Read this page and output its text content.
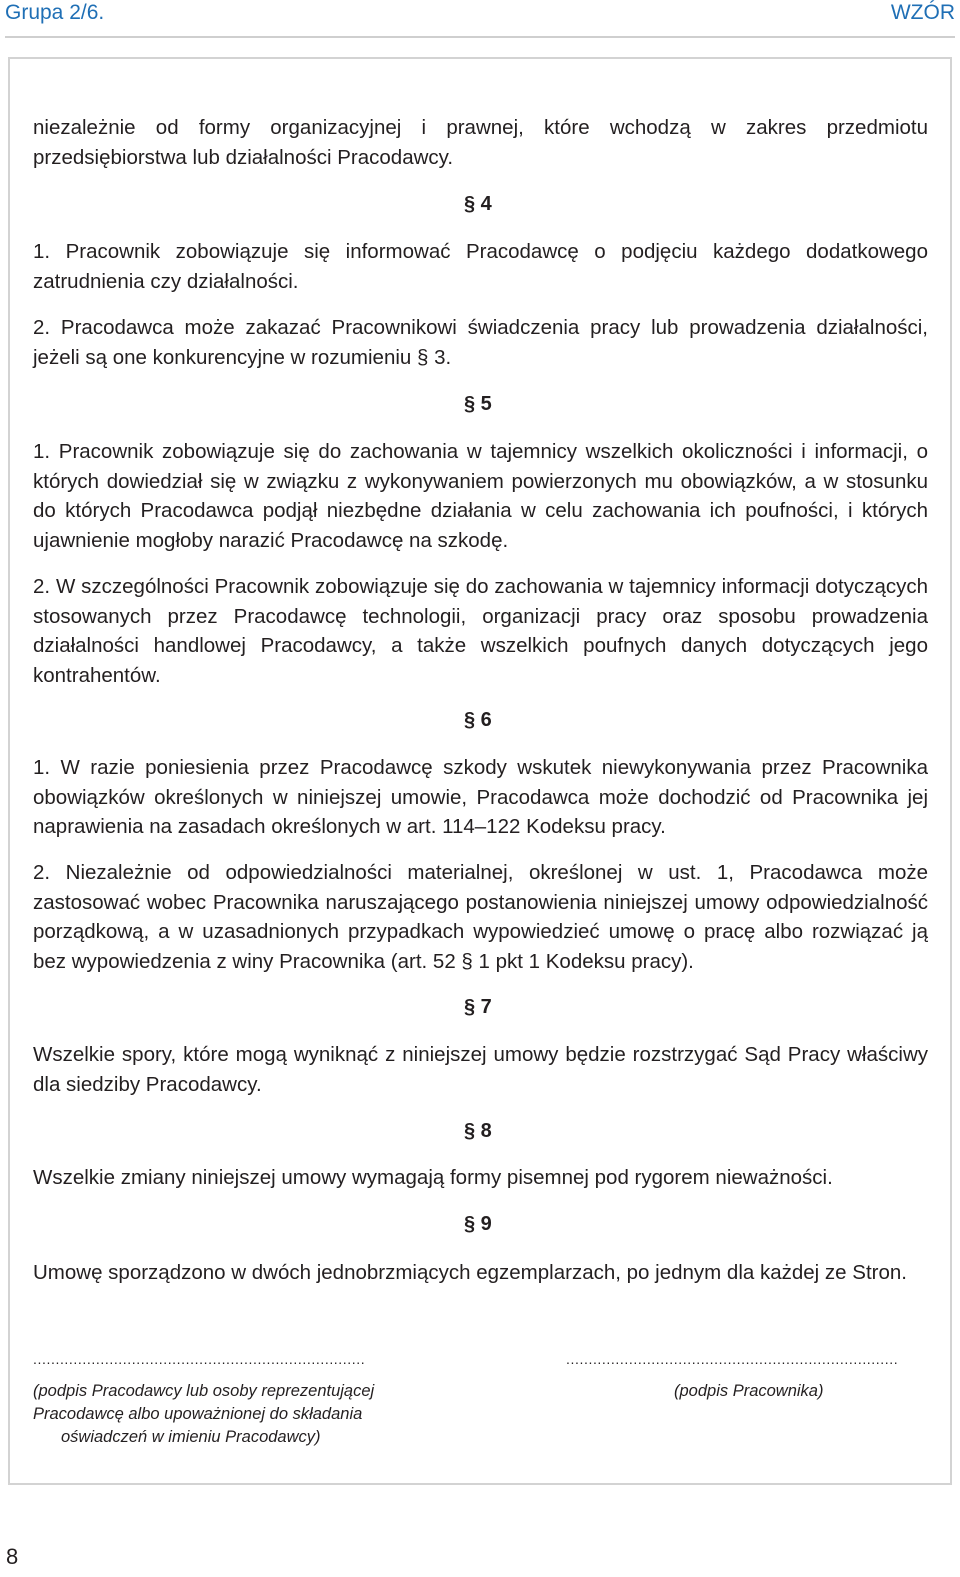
Grupa 2/6.	WZÓR
niezależnie od formy organizacyjnej i prawnej, które wchodzą w zakres przedmiotu przedsiębiorstwa lub działalności Pracodawcy.
§ 4
1. Pracownik zobowiązuje się informować Pracodawcę o podjęciu każdego dodatkowego zatrudnienia czy działalności.
2. Pracodawca może zakazać Pracownikowi świadczenia pracy lub prowadzenia działalności, jeżeli są one konkurencyjne w rozumieniu § 3.
§ 5
1. Pracownik zobowiązuje się do zachowania w tajemnicy wszelkich okoliczności i informacji, o których dowiedział się w związku z wykonywaniem powierzonych mu obowiązków, a w stosunku do których Pracodawca podjął niezbędne działania w celu zachowania ich poufności, i których ujawnienie mogłoby narazić Pracodawcę na szkodę.
2. W szczególności Pracownik zobowiązuje się do zachowania w tajemnicy informacji dotyczących stosowanych przez Pracodawcę technologii, organizacji pracy oraz sposobu prowadzenia działalności handlowej Pracodawcy, a także wszelkich poufnych danych dotyczących jego kontrahentów.
§ 6
1. W razie poniesienia przez Pracodawcę szkody wskutek niewykonywania przez Pracownika obowiązków określonych w niniejszej umowie, Pracodawca może dochodzić od Pracownika jej naprawienia na zasadach określonych w art. 114–122 Kodeksu pracy.
2. Niezależnie od odpowiedzialności materialnej, określonej w ust. 1, Pracodawca może zastosować wobec Pracownika naruszającego postanowienia niniejszej umowy odpowiedzialność porządkową, a w uzasadnionych przypadkach wypowiedzieć umowę o pracę albo rozwiązać ją bez wypowiedzenia z winy Pracownika (art. 52 § 1 pkt 1 Kodeksu pracy).
§ 7
Wszelkie spory, które mogą wyniknąć z niniejszej umowy będzie rozstrzygać Sąd Pracy właściwy dla siedziby Pracodawcy.
§ 8
Wszelkie zmiany niniejszej umowy wymagają formy pisemnej pod rygorem nieważności.
§ 9
Umowę sporządzono w dwóch jednobrzmiących egzemplarzach, po jednym dla każdej ze Stron.
..........................................................................	..........................................................................
(podpis Pracodawcy lub osoby reprezentującej
Pracodawcę albo upoważnionej do składania
oświadczeń w imieniu Pracodawcy)
(podpis Pracownika)
8
